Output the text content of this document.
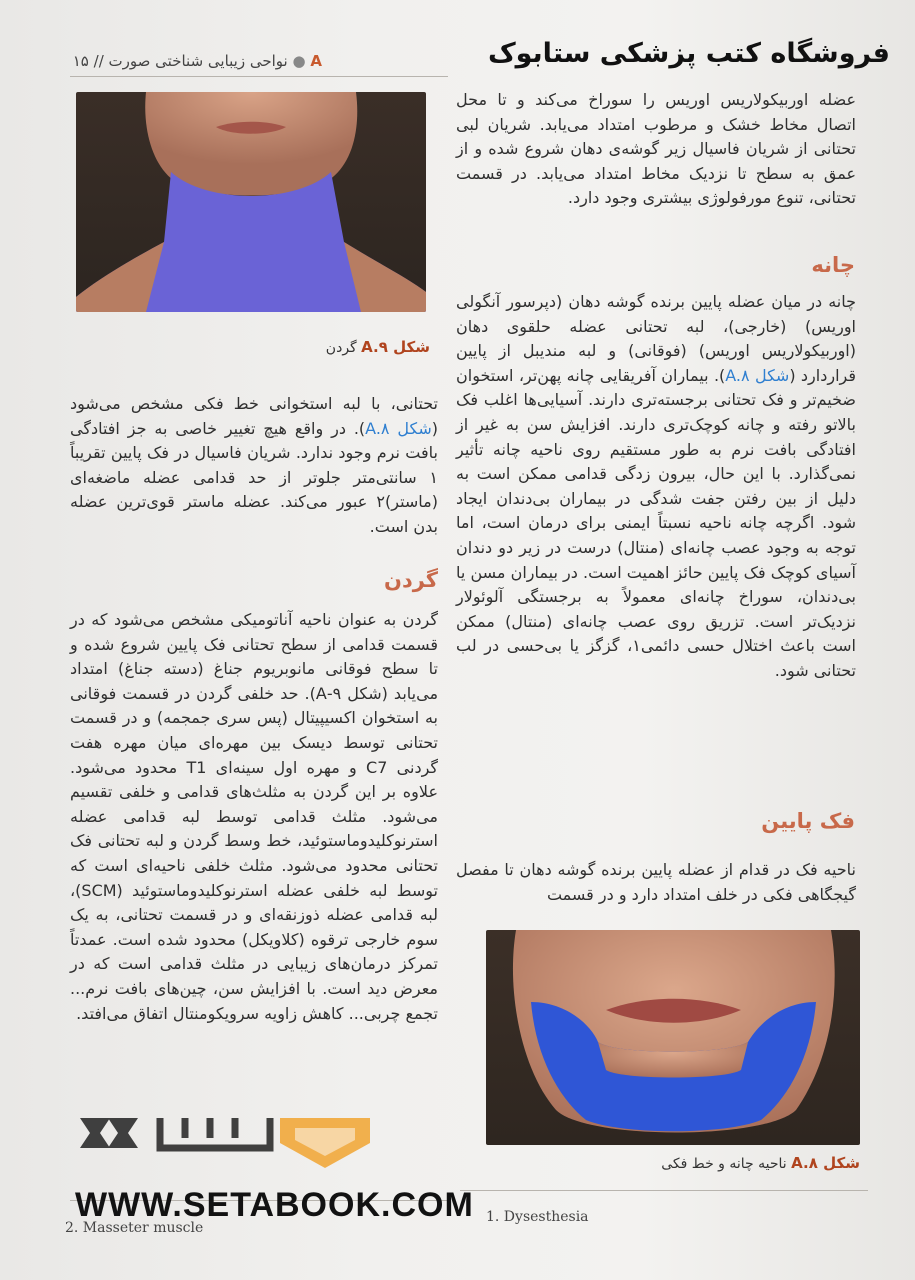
فروشگاه کتب پزشکی ستابوک
A ● نواحی زیبایی شناختی صورت // ۱۵
عضله اوربیکولاریس اوریس را سوراخ می‌کند و تا محل اتصال مخاط خشک و مرطوب امتداد می‌یابد. شریان لبی تحتانی از شریان فاسیال زیر گوشه‌ی دهان شروع شده و از عمق به سطح تا نزدیک مخاط امتداد می‌یابد. در قسمت تحتانی، تنوع مورفولوژی بیشتری وجود دارد.
چانه
چانه در میان عضله پایین برنده گوشه دهان (دپرسور آنگولی اوریس) (خارجی)، لبه تحتانی عضله حلقوی دهان (اوربیکولاریس اوریس) (فوقانی) و لبه مندیبل از پایین قراردارد (شکل A.۸). بیماران آفریقایی چانه پهن‌تر، استخوان ضخیم‌تر و فک تحتانی برجسته‌تری دارند. آسیایی‌ها اغلب فک بالاتو رفته و چانه کوچک‌تری دارند. افزایش سن به غیر از افتادگی بافت نرم به طور مستقیم روی ناحیه چانه تأثیر نمی‌گذارد. با این حال، بیرون زدگی قدامی ممکن است به دلیل از بین رفتن جفت شدگی در بیماران بی‌دندان ایجاد شود. اگرچه چانه ناحیه نسبتاً ایمنی برای درمان است، اما توجه به وجود عصب چانه‌ای (منتال) درست در زیر دو دندان آسیای کوچک فک پایین حائز اهمیت است. در بیماران مسن یا بی‌دندان، سوراخ چانه‌ای معمولاً به برجستگی آلوئولار نزدیک‌تر است. تزریق روی عصب چانه‌ای (منتال) ممکن است باعث اختلال حسی دائمی۱، گزگز یا بی‌حسی در لب تحتانی شود.
فک پایین
ناحیه فک در قدام از عضله پایین برنده گوشه دهان تا مفصل گیجگاهی فکی در خلف امتداد دارد و در قسمت
شکل A.۹ گردن
تحتانی، با لبه استخوانی خط فکی مشخص می‌شود (شکل A.۸). در واقع هیچ تغییر خاصی به جز افتادگی بافت نرم وجود ندارد. شریان فاسیال در فک پایین تقریباً ۱ سانتی‌متر جلوتر از حد قدامی عضله ماضغه‌ای (ماستر)۲ عبور می‌کند. عضله ماستر قوی‌ترین عضله بدن است.
گردن
گردن به عنوان ناحیه آناتومیکی مشخص می‌شود که در قسمت قدامی از سطح تحتانی فک پایین شروع شده و تا سطح فوقانی مانوبریوم جناغ (دسته جناغ) امتداد می‌یابد (شکل ۹-A). حد خلفی گردن در قسمت فوقانی به استخوان اکسیپیتال (پس سری جمجمه) و در قسمت تحتانی توسط دیسک بین مهره‌ای میان مهره هفت گردنی C7 و مهره اول سینه‌ای T1 محدود می‌شود. علاوه بر این گردن به مثلث‌های قدامی و خلفی تقسیم می‌شود. مثلث قدامی توسط لبه قدامی عضله استرنوکلیدوماستوئید، خط وسط گردن و لبه تحتانی فک تحتانی محدود می‌شود. مثلث خلفی ناحیه‌ای است که توسط لبه خلفی عضله استرنوکلیدوماستوئید (SCM)، لبه قدامی عضله ذوزنقه‌ای و در قسمت تحتانی، به یک سوم خارجی ترقوه (کلاویکل) محدود شده است. عمدتاً تمرکز درمان‌های زیبایی در مثلث قدامی است که در معرض دید است. با افزایش سن، چین‌های بافت نرم... تجمع چربی... کاهش زاویه سرویکومنتال اتفاق می‌افتد.
شکل A.۸ ناحیه چانه و خط فکی
WWW.SETABOOK.COM
2. Masseter muscle
1. Dysesthesia
